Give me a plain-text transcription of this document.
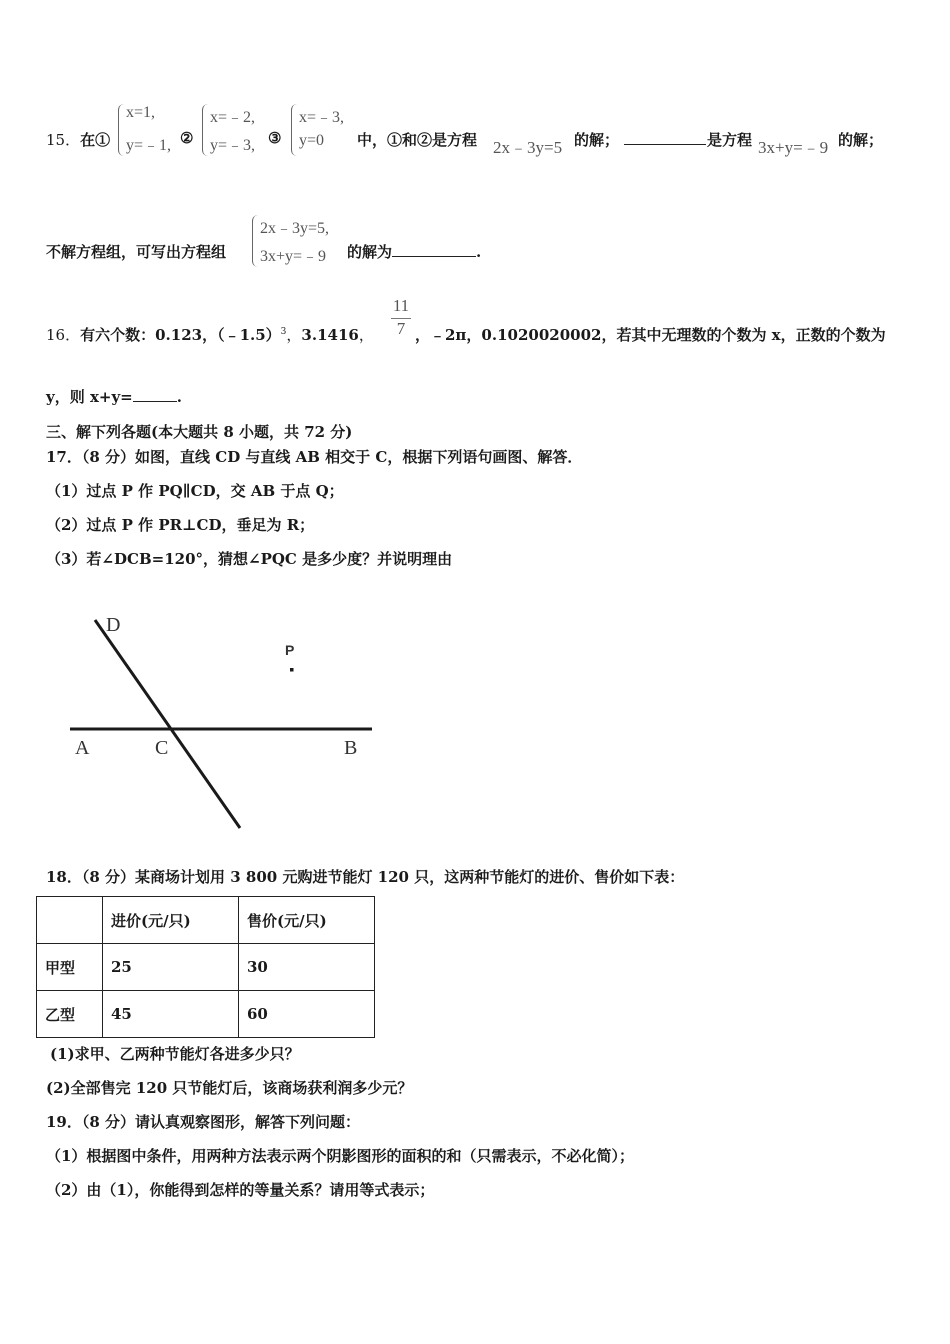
15．在①
x=1,
y=﹣1, ②
x=﹣2,
y=﹣3, ③
x=﹣3,
y=0 中，①和②是方程 2x﹣3y=5 的解；	是方程 3x+y=﹣9 的解；
不解方程组，可写出方程组
2x﹣3y=5,
3x+y=﹣9 的解为	.
16．有六个数：0.123，（﹣1.5）$^3$，3.1416，
11
7 ，﹣2π，0.1020020002，若其中无理数的个数为 x，正数的个数为
y，则 x+y=	.
三、解下列各题(本大题共 8 小题，共 72 分)
17．（8 分）如图，直线 CD 与直线 AB 相交于 C，根据下列语句画图、解答．
（1）过点 P 作 PQ∥CD，交 AB 于点 Q；
（2）过点 P 作 PR⊥CD，垂足为 R；
（3）若∠DCB=120°，猜想∠PQC 是多少度？并说明理由
D
P
A	C	B
18．（8 分）某商场计划用 3 800 元购进节能灯 120 只，这两种节能灯的进价、售价如下表：
	进价(元/只)	售价(元/只)
甲型	25	30
乙型	45	60
(1)求甲、乙两种节能灯各进多少只？
(2)全部售完 120 只节能灯后，该商场获利润多少元？
19．（8 分）请认真观察图形，解答下列问题：
（1）根据图中条件，用两种方法表示两个阴影图形的面积的和（只需表示，不必化简）；
（2）由（1），你能得到怎样的等量关系？请用等式表示；
